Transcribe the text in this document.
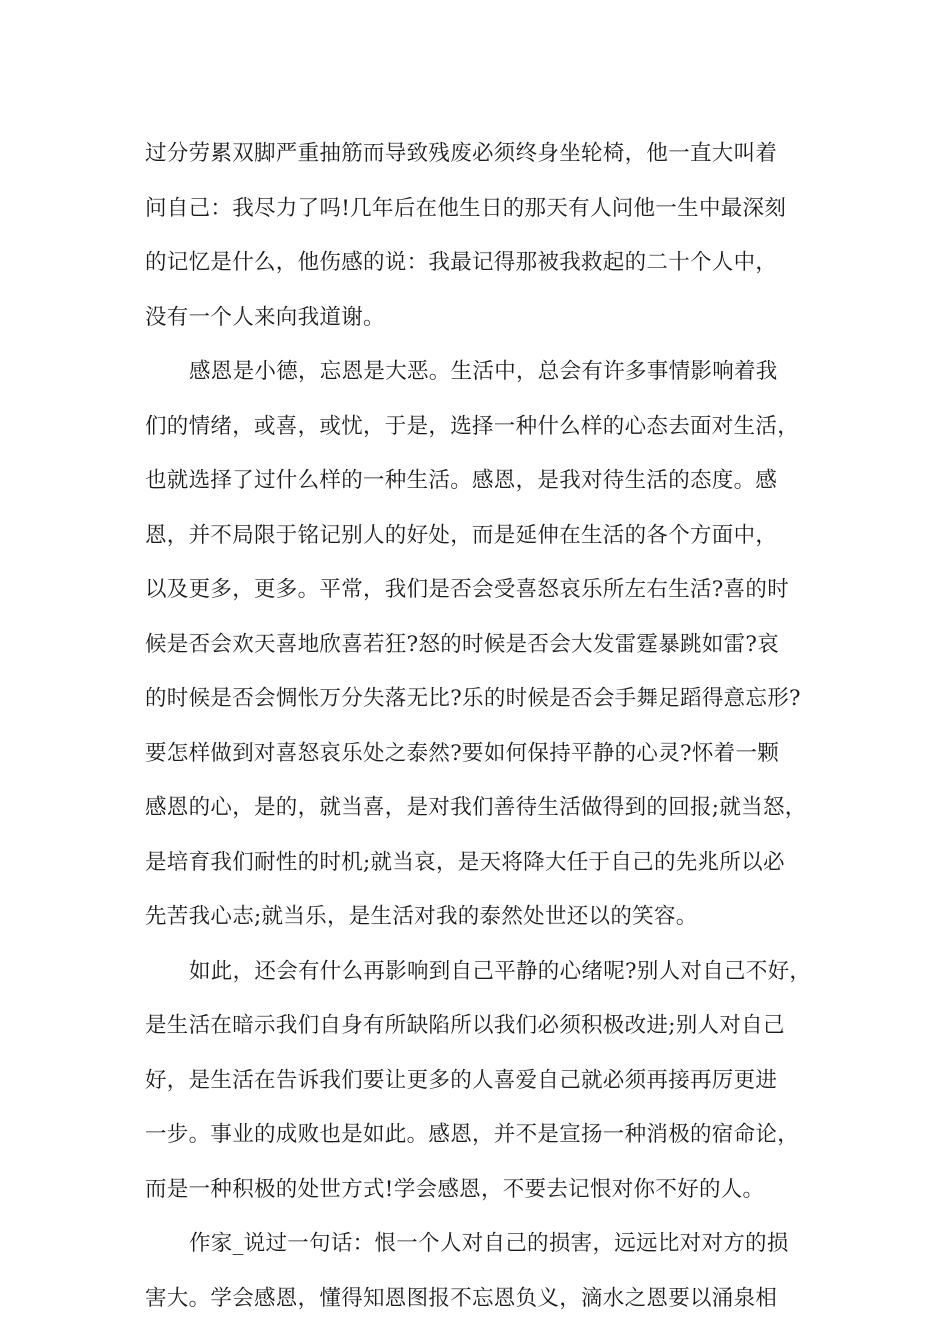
过分劳累双脚严重抽筋而导致残废必须终身坐轮椅，他一直大叫着
问自己：我尽力了吗!几年后在他生日的那天有人问他一生中最深刻
的记忆是什么，他伤感的说：我最记得那被我救起的二十个人中，
没有一个人来向我道谢。
感恩是小德，忘恩是大恶。生活中，总会有许多事情影响着我
们的情绪，或喜，或忧，于是，选择一种什么样的心态去面对生活，
也就选择了过什么样的一种生活。感恩，是我对待生活的态度。感
恩，并不局限于铭记别人的好处，而是延伸在生活的各个方面中，
以及更多，更多。平常，我们是否会受喜怒哀乐所左右生活?喜的时
候是否会欢天喜地欣喜若狂?怒的时候是否会大发雷霆暴跳如雷?哀
的时候是否会惆怅万分失落无比?乐的时候是否会手舞足蹈得意忘形?
要怎样做到对喜怒哀乐处之泰然?要如何保持平静的心灵?怀着一颗
感恩的心，是的，就当喜，是对我们善待生活做得到的回报;就当怒，
是培育我们耐性的时机;就当哀，是天将降大任于自己的先兆所以必
先苦我心志;就当乐，是生活对我的泰然处世还以的笑容。
如此，还会有什么再影响到自己平静的心绪呢?别人对自己不好，
是生活在暗示我们自身有所缺陷所以我们必须积极改进;别人对自己
好，是生活在告诉我们要让更多的人喜爱自己就必须再接再厉更进
一步。事业的成败也是如此。感恩，并不是宣扬一种消极的宿命论，
而是一种积极的处世方式!学会感恩，不要去记恨对你不好的人。
作家_说过一句话：恨一个人对自己的损害，远远比对对方的损
害大。学会感恩，懂得知恩图报不忘恩负义，滴水之恩要以涌泉相
